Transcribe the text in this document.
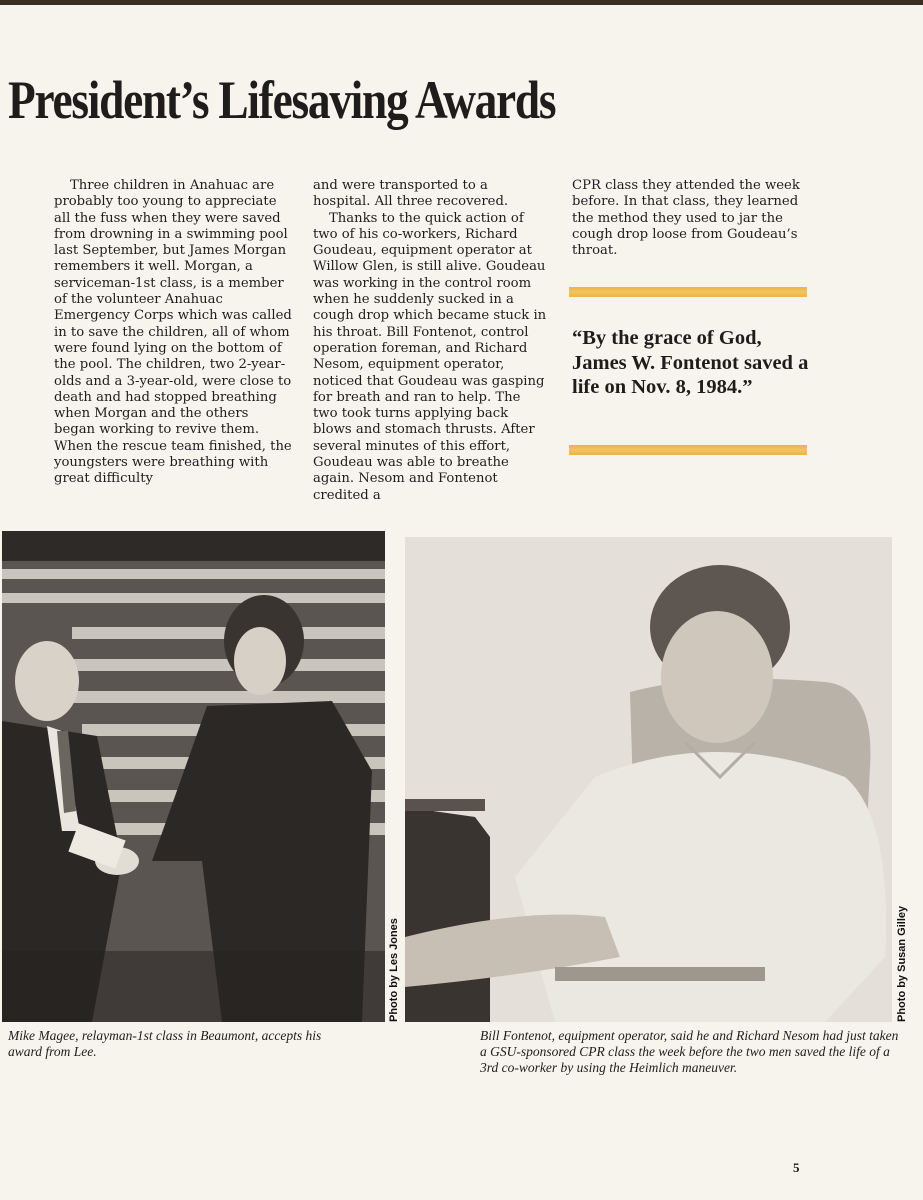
President’s Lifesaving Awards

Three children in Anahuac are probably too young to appreciate all the fuss when they were saved from drowning in a swimming pool last September, but James Morgan remembers it well. Morgan, a serviceman-1st class, is a member of the volunteer Anahuac Emergency Corps which was called in to save the children, all of whom were found lying on the bottom of the pool. The children, two 2-year-olds and a 3-year-old, were close to death and had stopped breathing when Morgan and the others began working to revive them. When the rescue team finished, the youngsters were breathing with great difficulty

and were transported to a hospital. All three recovered.

Thanks to the quick action of two of his co-workers, Richard Goudeau, equipment operator at Willow Glen, is still alive. Goudeau was working in the control room when he suddenly sucked in a cough drop which became stuck in his throat. Bill Fontenot, control operation foreman, and Richard Nesom, equipment operator, noticed that Goudeau was gasping for breath and ran to help. The two took turns applying back blows and stomach thrusts. After several minutes of this effort, Goudeau was able to breathe again. Nesom and Fontenot credited a

CPR class they attended the week before. In that class, they learned the method they used to jar the cough drop loose from Goudeau’s throat.

“By the grace of God, James W. Fontenot saved a life on Nov. 8, 1984.”
Photo by Les Jones	Photo by Susan Gilley
Mike Magee, relayman-1st class in Beaumont, accepts his award from Lee.
Bill Fontenot, equipment operator, said he and Richard Nesom had just taken a GSU-sponsored CPR class the week before the two men saved the life of a 3rd co-worker by using the Heimlich maneuver.
5
